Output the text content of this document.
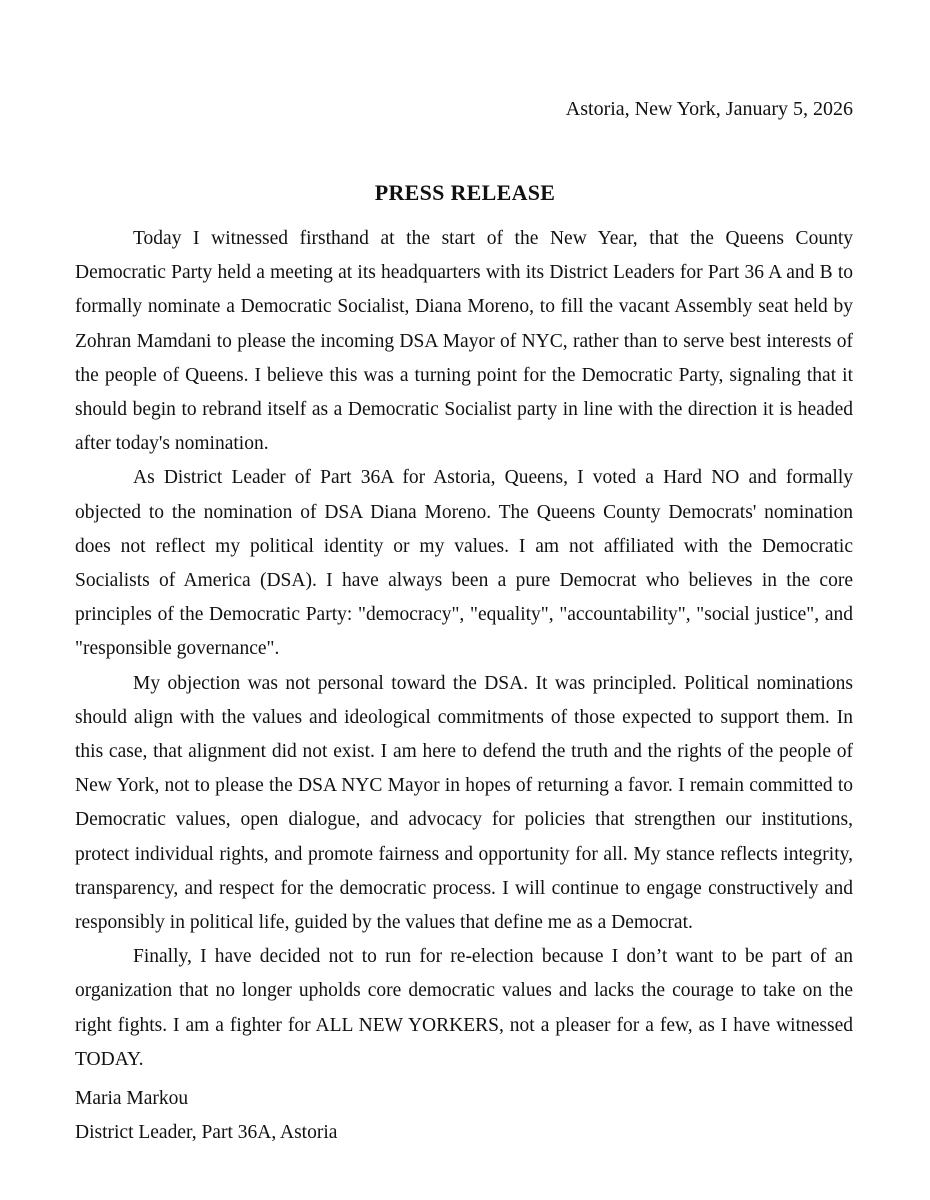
Astoria, New York, January 5, 2026
PRESS RELEASE

Today I witnessed firsthand at the start of the New Year, that the Queens County Democratic Party held a meeting at its headquarters with its District Leaders for Part 36 A and B to formally nominate a Democratic Socialist, Diana Moreno, to fill the vacant Assembly seat held by Zohran Mamdani to please the incoming DSA Mayor of NYC, rather than to serve best interests of the people of Queens. I believe this was a turning point for the Democratic Party, signaling that it should begin to rebrand itself as a Democratic Socialist party in line with the direction it is headed after today's nomination.

As District Leader of Part 36A for Astoria, Queens, I voted a Hard NO and formally objected to the nomination of DSA Diana Moreno. The Queens County Democrats' nomination does not reflect my political identity or my values. I am not affiliated with the Democratic Socialists of America (DSA). I have always been a pure Democrat who believes in the core principles of the Democratic Party: "democracy", "equality", "accountability", "social justice", and "responsible governance".

My objection was not personal toward the DSA. It was principled. Political nominations should align with the values and ideological commitments of those expected to support them. In this case, that alignment did not exist. I am here to defend the truth and the rights of the people of New York, not to please the DSA NYC Mayor in hopes of returning a favor. I remain committed to Democratic values, open dialogue, and advocacy for policies that strengthen our institutions, protect individual rights, and promote fairness and opportunity for all. My stance reflects integrity, transparency, and respect for the democratic process. I will continue to engage constructively and responsibly in political life, guided by the values that define me as a Democrat.

Finally, I have decided not to run for re-election because I don’t want to be part of an organization that no longer upholds core democratic values and lacks the courage to take on the right fights. I am a fighter for ALL NEW YORKERS, not a pleaser for a few, as I have witnessed TODAY.

Maria Markou
District Leader, Part 36A, Astoria
